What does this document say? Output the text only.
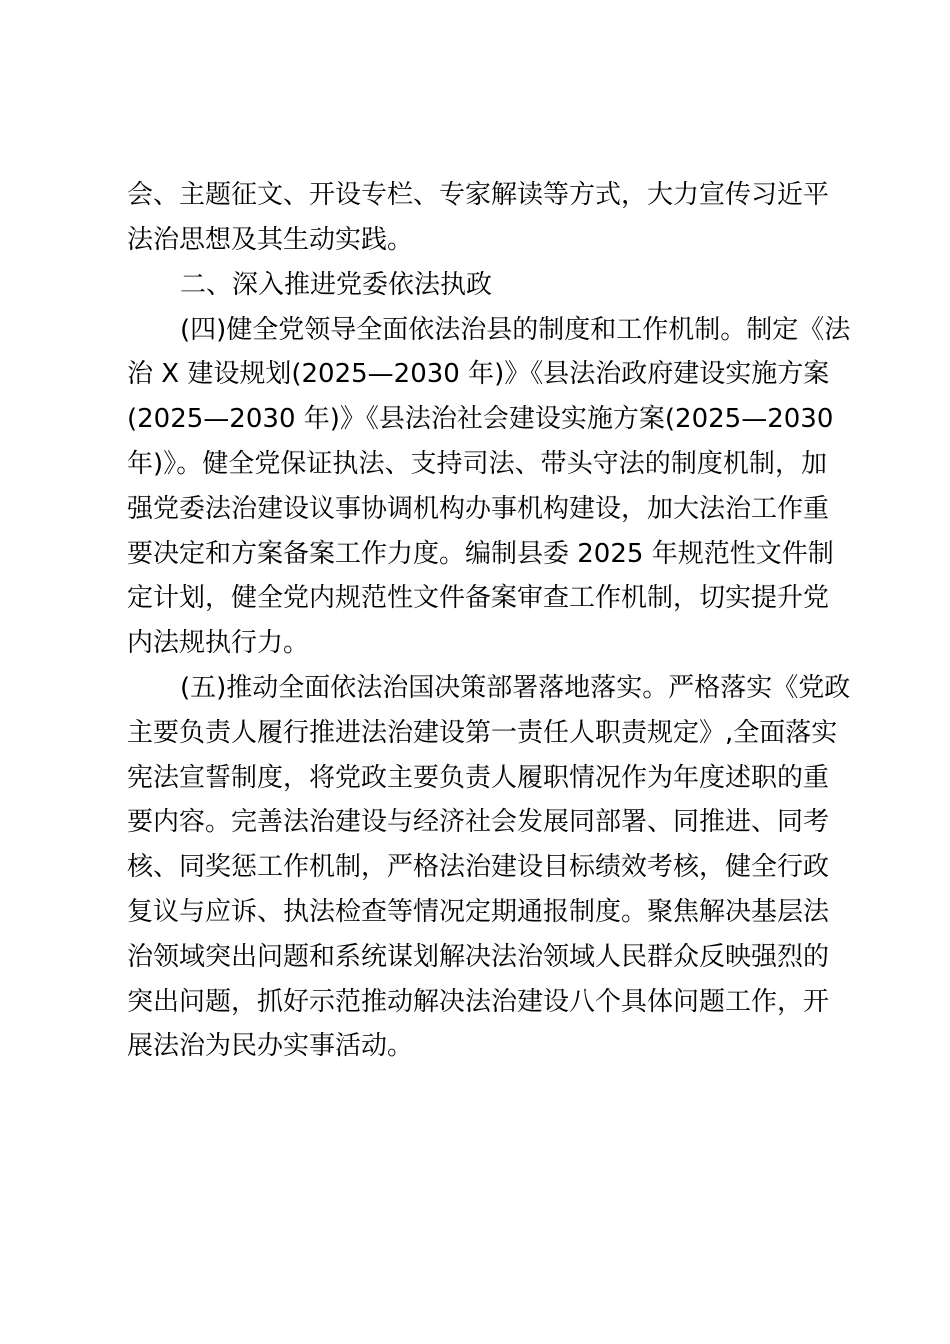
会、主题征文、开设专栏、专家解读等方式，大力宣传习近平
法治思想及其生动实践。
二、深入推进党委依法执政
(四)健全党领导全面依法治县的制度和工作机制。制定《法
治 X 建设规划(2025—2030 年)》《县法治政府建设实施方案
(2025—2030 年)》《县法治社会建设实施方案(2025—2030
年)》。健全党保证执法、支持司法、带头守法的制度机制，加
强党委法治建设议事协调机构办事机构建设，加大法治工作重
要决定和方案备案工作力度。编制县委 2025 年规范性文件制
定计划，健全党内规范性文件备案审查工作机制，切实提升党
内法规执行力。
(五)推动全面依法治国决策部署落地落实。严格落实《党政
主要负责人履行推进法治建设第一责任人职责规定》,全面落实
宪法宣誓制度，将党政主要负责人履职情况作为年度述职的重
要内容。完善法治建设与经济社会发展同部署、同推进、同考
核、同奖惩工作机制，严格法治建设目标绩效考核，健全行政
复议与应诉、执法检查等情况定期通报制度。聚焦解决基层法
治领域突出问题和系统谋划解决法治领域人民群众反映强烈的
突出问题，抓好示范推动解决法治建设八个具体问题工作，开
展法治为民办实事活动。
